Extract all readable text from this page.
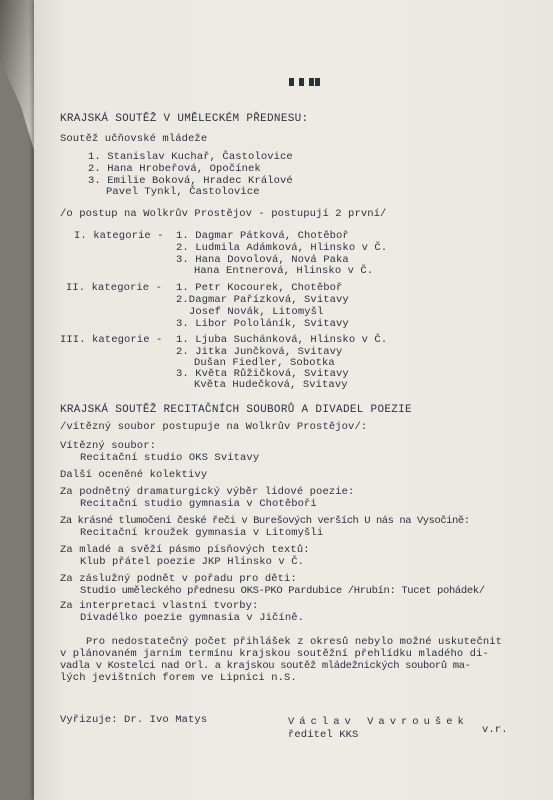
KRAJSKÁ SOUTĚŽ V UMĚLECKÉM PŘEDNESU:
Soutěž učňovské mládeže
1. Stanislav Kuchař, Častolovice
2. Hana Hrobeřová, Opočínek
3. Emilie Boková, Hradec Králové
Pavel Tynkl, Častolovice
/o postup na Wolkrův Prostějov - postupují 2 první/
I. kategorie - 1. Dagmar Pátková, Chotěboř
2. Ludmila Adámková, Hlinsko v Č.
3. Hana Dovolová, Nová Paka
Hana Entnerová, Hlinsko v Č.
II. kategorie - 1. Petr Kocourek, Chotěboř
2.Dagmar Pařízková, Svitavy
Josef Novák, Litomyšl
3. Libor Pololáník, Svitavy
III. kategorie - 1. Ljuba Suchánková, Hlinsko v Č.
2. Jitka Junčková, Svitavy
Dušan Fiedler, Sobotka
3. Květa Růžičková, Svitavy
Květa Hudečková, Svitavy
KRAJSKÁ SOUTĚŽ RECITAČNÍCH SOUBORŮ A DIVADEL POEZIE
/vítězný soubor postupuje na Wolkrův Prostějov/:
Vítězný soubor:
Recitační studio OKS Svitavy
Další oceněné kolektivy
Za podnětný dramaturgický výběr lidové poezie:
Recitační studio gymnasia v Chotěboři
Za krásné tlumočení české řeči v Burešových verších U nás na Vysočině:
Recitační kroužek gymnasia v Litomyšli
Za mladé a svěží pásmo písňových textů:
Klub přátel poezie JKP Hlinsko v Č.
Za záslužný podnět v pořadu pro děti:
Studio uměleckého přednesu OKS-PKO Pardubice /Hrubín: Tucet pohádek/
Za interpretaci vlastní tvorby:
Divadélko poezie gymnasia v Jičíně.
Pro nedostatečný počet přihlášek z okresů nebylo možné uskutečnit
v plánovaném jarním termínu krajskou soutěžní přehlídku mladého di-
vadla v Kostelci nad Orl. a krajskou soutěž mládežnických souborů ma-
lých jevištních forem ve Lipnici n.S.
Vyřizuje: Dr. Ivo Matys	Václav Vavroušek
v.r.
ředitel KKS
